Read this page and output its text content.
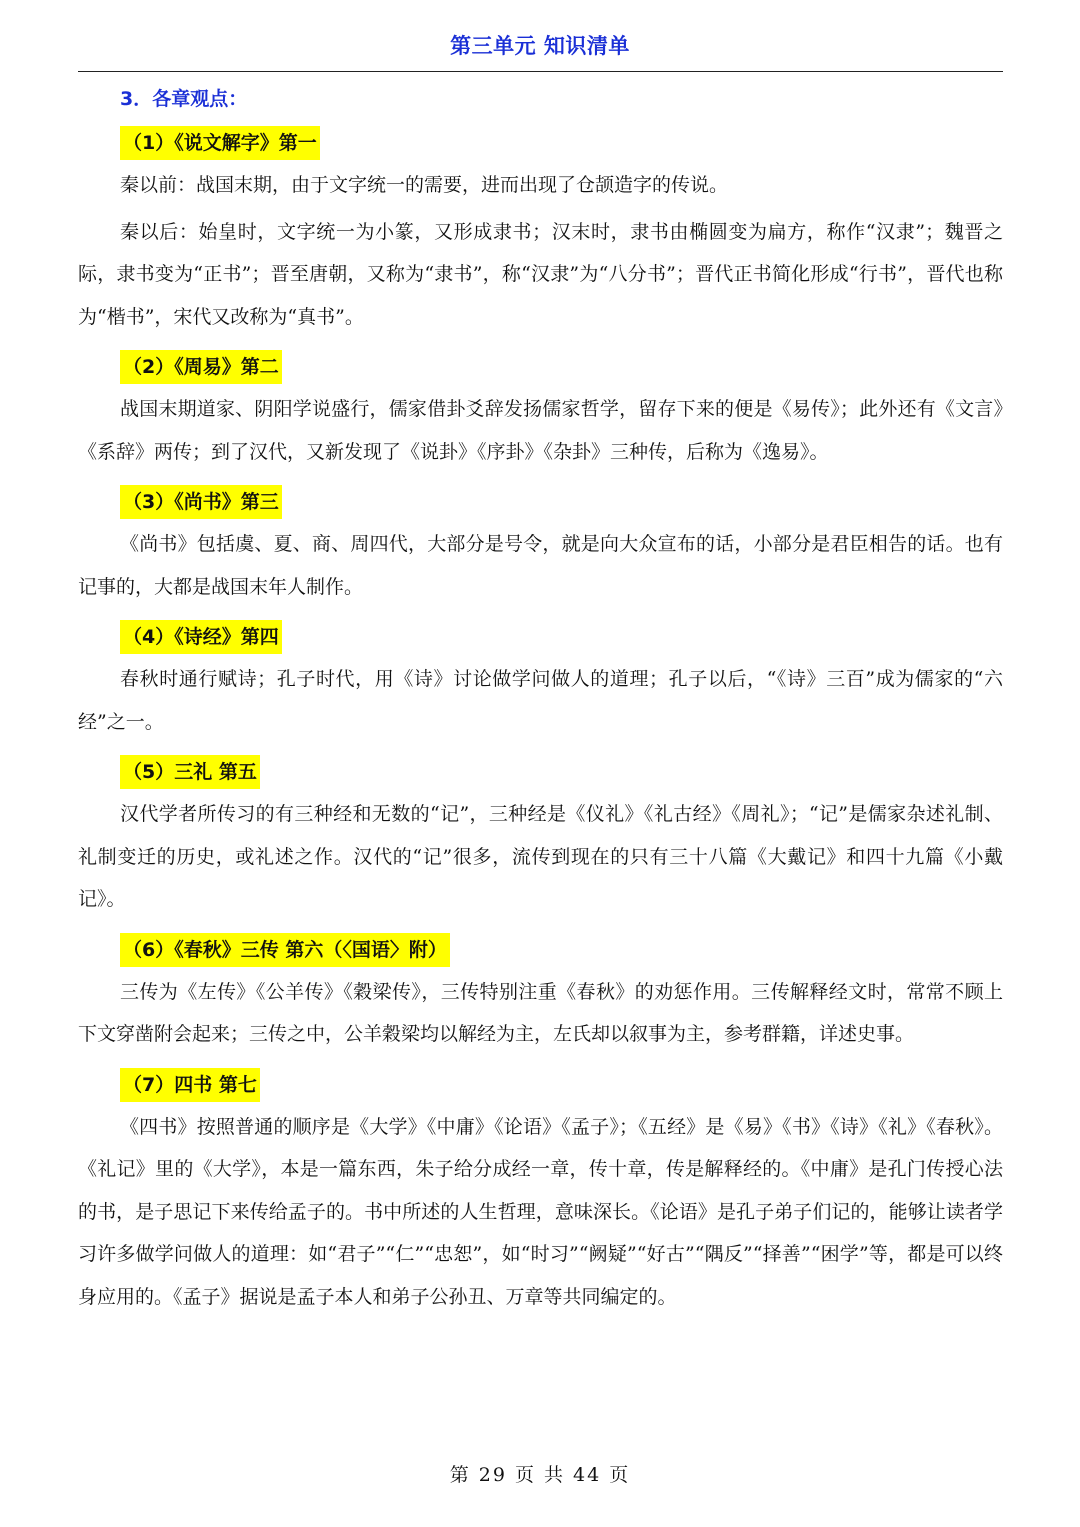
第三单元 知识清单
3．各章观点：
（1）《说文解字》第一

秦以前：战国末期，由于文字统一的需要，进而出现了仓颉造字的传说。

秦以后：始皇时，文字统一为小篆，又形成隶书；汉末时，隶书由椭圆变为扁方，称作“汉隶”；魏晋之际，隶书变为“正书”；晋至唐朝，又称为“隶书”，称“汉隶”为“八分书”；晋代正书简化形成“行书”，晋代也称为“楷书”，宋代又改称为“真书”。

（2）《周易》第二

战国末期道家、阴阳学说盛行，儒家借卦爻辞发扬儒家哲学，留存下来的便是《易传》；此外还有《文言》《系辞》两传；到了汉代，又新发现了《说卦》《序卦》《杂卦》三种传，后称为《逸易》。

（3）《尚书》第三

《尚书》包括虞、夏、商、周四代，大部分是号令，就是向大众宣布的话，小部分是君臣相告的话。也有记事的，大都是战国末年人制作。

（4）《诗经》第四

春秋时通行赋诗；孔子时代，用《诗》讨论做学问做人的道理；孔子以后，“《诗》三百”成为儒家的“六经”之一。

（5）三礼 第五

汉代学者所传习的有三种经和无数的“记”，三种经是《仪礼》《礼古经》《周礼》；“记”是儒家杂述礼制、礼制变迁的历史，或礼述之作。汉代的“记”很多，流传到现在的只有三十八篇《大戴记》和四十九篇《小戴记》。

（6）《春秋》三传 第六（〈国语〉附）

三传为《左传》《公羊传》《穀梁传》，三传特别注重《春秋》的劝惩作用。三传解释经文时，常常不顾上下文穿凿附会起来；三传之中，公羊穀梁均以解经为主，左氏却以叙事为主，参考群籍，详述史事。

（7）四书 第七

《四书》按照普通的顺序是《大学》《中庸》《论语》《孟子》；《五经》是《易》《书》《诗》《礼》《春秋》。《礼记》里的《大学》，本是一篇东西，朱子给分成经一章，传十章，传是解释经的。《中庸》是孔门传授心法的书，是子思记下来传给孟子的。书中所述的人生哲理，意味深长。《论语》是孔子弟子们记的，能够让读者学习许多做学问做人的道理：如“君子”“仁”“忠恕”，如“时习”“阙疑”“好古”“隅反”“择善”“困学”等，都是可以终身应用的。《孟子》据说是孟子本人和弟子公孙丑、万章等共同编定的。

第 29 页 共 44 页
